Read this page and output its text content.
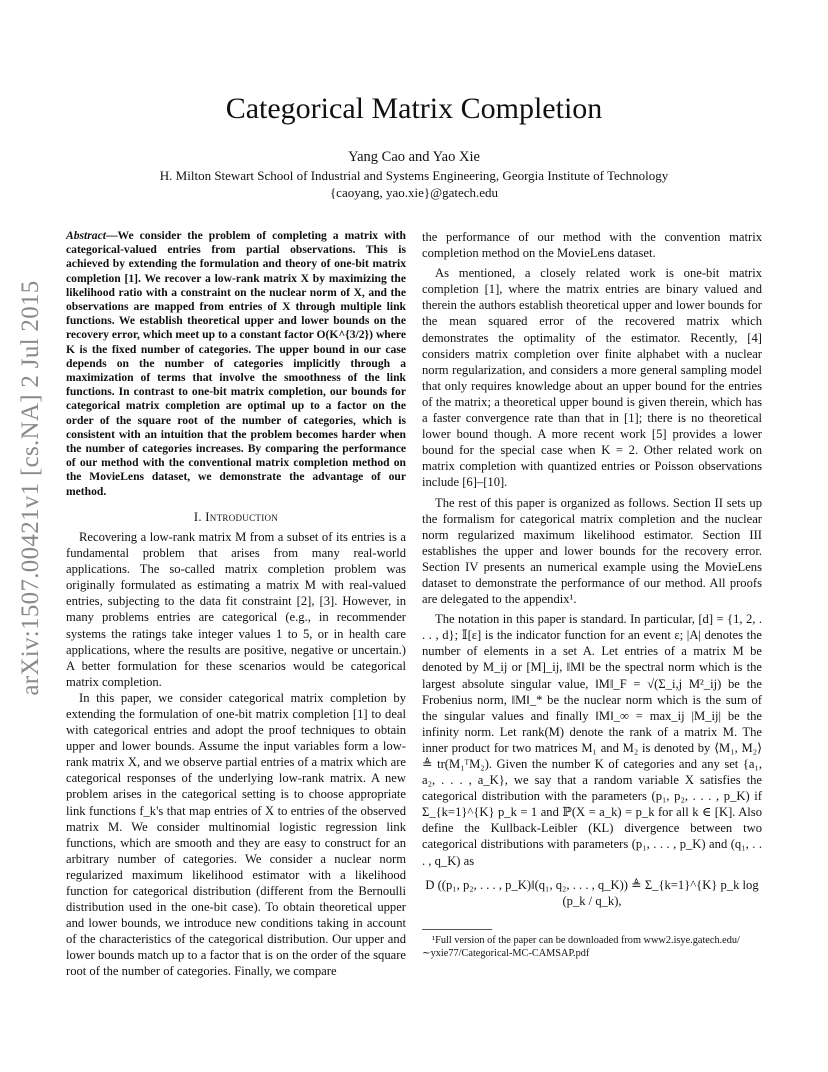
Categorical Matrix Completion
Yang Cao and Yao Xie
H. Milton Stewart School of Industrial and Systems Engineering, Georgia Institute of Technology
{caoyang, yao.xie}@gatech.edu
arXiv:1507.00421v1 [cs.NA] 2 Jul 2015

Abstract—We consider the problem of completing a matrix with categorical-valued entries from partial observations. This is achieved by extending the formulation and theory of one-bit matrix completion [1]. We recover a low-rank matrix X by maximizing the likelihood ratio with a constraint on the nuclear norm of X, and the observations are mapped from entries of X through multiple link functions. We establish theoretical upper and lower bounds on the recovery error, which meet up to a constant factor O(K^{3/2}) where K is the fixed number of categories. The upper bound in our case depends on the number of categories implicitly through a maximization of terms that involve the smoothness of the link functions. In contrast to one-bit matrix completion, our bounds for categorical matrix completion are optimal up to a factor on the order of the square root of the number of categories, which is consistent with an intuition that the problem becomes harder when the number of categories increases. By comparing the performance of our method with the conventional matrix completion method on the MovieLens dataset, we demonstrate the advantage of our method.

I. Introduction

Recovering a low-rank matrix M from a subset of its entries is a fundamental problem that arises from many real-world applications. The so-called matrix completion problem was originally formulated as estimating a matrix M with real-valued entries, subjecting to the data fit constraint [2], [3]. However, in many problems entries are categorical (e.g., in recommender systems the ratings take integer values 1 to 5, or in health care applications, where the results are positive, negative or uncertain.) A better formulation for these scenarios would be categorical matrix completion.

In this paper, we consider categorical matrix completion by extending the formulation of one-bit matrix completion [1] to deal with categorical entries and adopt the proof techniques to obtain upper and lower bounds. Assume the input variables form a low-rank matrix X, and we observe partial entries of a matrix which are categorical responses of the underlying low-rank matrix. A new problem arises in the categorical setting is to choose appropriate link functions f_k's that map entries of X to entries of the observed matrix M. We consider multinomial logistic regression link functions, which are smooth and they are easy to construct for an arbitrary number of categories. We consider a nuclear norm regularized maximum likelihood estimator with a likelihood function for categorical distribution (different from the Bernoulli distribution used in the one-bit case). To obtain theoretical upper and lower bounds, we introduce new conditions taking in account of the characteristics of the categorical distribution. Our upper and lower bounds match up to a factor that is on the order of the square root of the number of categories. Finally, we compare

the performance of our method with the convention matrix completion method on the MovieLens dataset.

As mentioned, a closely related work is one-bit matrix completion [1], where the matrix entries are binary valued and therein the authors establish theoretical upper and lower bounds for the mean squared error of the recovered matrix which demonstrates the optimality of the estimator. Recently, [4] considers matrix completion over finite alphabet with a nuclear norm regularization, and considers a more general sampling model that only requires knowledge about an upper bound for the entries of the matrix; a theoretical upper bound is given therein, which has a faster convergence rate than that in [1]; there is no theoretical lower bound though. A more recent work [5] provides a lower bound for the special case when K = 2. Other related work on matrix completion with quantized entries or Poisson observations include [6]–[10].

The rest of this paper is organized as follows. Section II sets up the formalism for categorical matrix completion and the nuclear norm regularized maximum likelihood estimator. Section III establishes the upper and lower bounds for the recovery error. Section IV presents an numerical example using the MovieLens dataset to demonstrate the performance of our method. All proofs are delegated to the appendix¹.

The notation in this paper is standard. In particular, [d] = {1, 2, . . . , d}; 𝕀[ε] is the indicator function for an event ε; |A| denotes the number of elements in a set A. Let entries of a matrix M be denoted by M_ij or [M]_ij, ‖M‖ be the spectral norm which is the largest absolute singular value, ‖M‖_F = √(Σ_i,j M²_ij) be the Frobenius norm, ‖M‖_* be the nuclear norm which is the sum of the singular values and finally ‖M‖_∞ = max_ij |M_ij| be the infinity norm. Let rank(M) denote the rank of a matrix M. The inner product for two matrices M₁ and M₂ is denoted by ⟨M₁, M₂⟩ ≜ tr(M₁ᵀM₂). Given the number K of categories and any set {a₁, a₂, . . . , a_K}, we say that a random variable X satisfies the categorical distribution with the parameters (p₁, p₂, . . . , p_K) if Σ_{k=1}^{K} p_k = 1 and ℙ(X = a_k) = p_k for all k ∈ [K]. Also define the Kullback-Leibler (KL) divergence between two categorical distributions with parameters (p₁, . . . , p_K) and (q₁, . . . , q_K) as

D ((p₁, p₂, . . . , p_K)‖(q₁, q₂, . . . , q_K)) ≜ Σ_{k=1}^{K} p_k log (p_k / q_k),

¹Full version of the paper can be downloaded from www2.isye.gatech.edu/∼yxie77/Categorical-MC-CAMSAP.pdf
